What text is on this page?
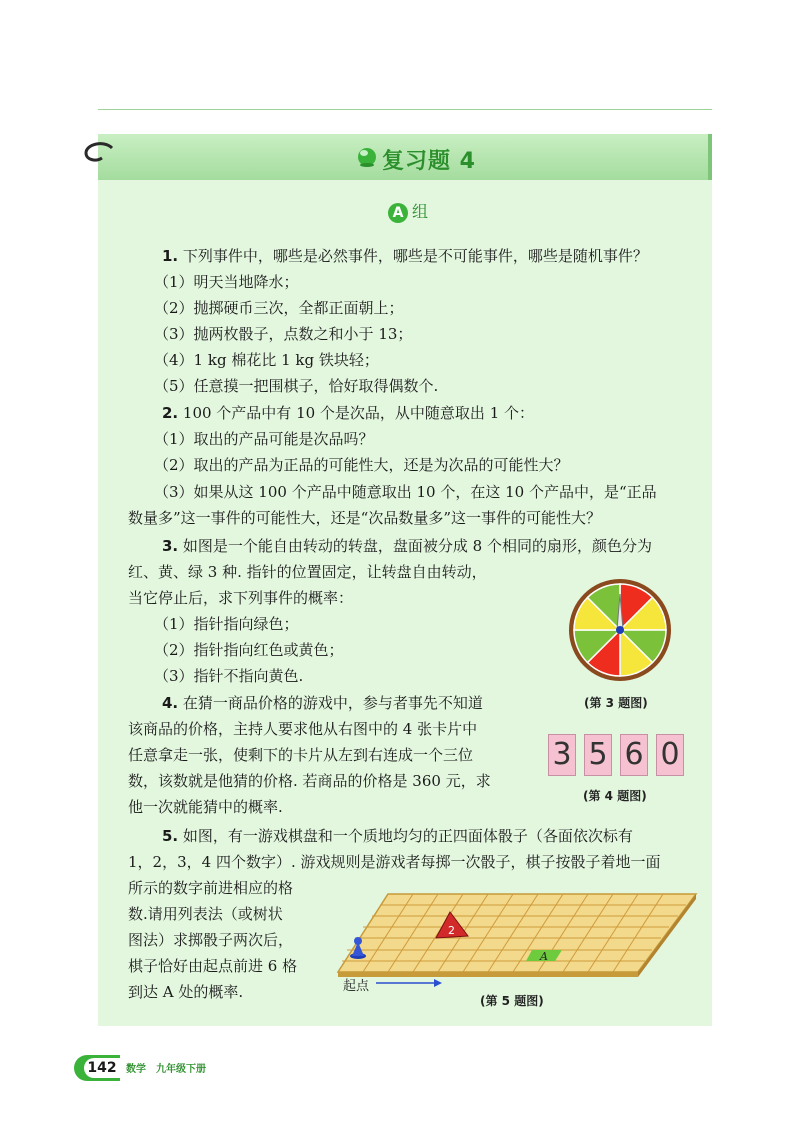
复习题 4
A 组
1. 下列事件中，哪些是必然事件，哪些是不可能事件，哪些是随机事件？
（1）明天当地降水；
（2）抛掷硬币三次，全都正面朝上；
（3）抛两枚骰子，点数之和小于 13；
（4）1 kg 棉花比 1 kg 铁块轻；
（5）任意摸一把围棋子，恰好取得偶数个.
2. 100 个产品中有 10 个是次品，从中随意取出 1 个：
（1）取出的产品可能是次品吗？
（2）取出的产品为正品的可能性大，还是为次品的可能性大？
（3）如果从这 100 个产品中随意取出 10 个，在这 10 个产品中，是“正品
数量多”这一事件的可能性大，还是“次品数量多”这一事件的可能性大？
3. 如图是一个能自由转动的转盘，盘面被分成 8 个相同的扇形，颜色分为
红、黄、绿 3 种. 指针的位置固定，让转盘自由转动，
当它停止后，求下列事件的概率：
（1）指针指向绿色；
（2）指针指向红色或黄色；
（3）指针不指向黄色.
4. 在猜一商品价格的游戏中，参与者事先不知道
该商品的价格，主持人要求他从右图中的 4 张卡片中
任意拿走一张，使剩下的卡片从左到右连成一个三位
数，该数就是他猜的价格. 若商品的价格是 360 元，求
他一次就能猜中的概率.
5. 如图，有一游戏棋盘和一个质地均匀的正四面体骰子（各面依次标有
1，2，3，4 四个数字）. 游戏规则是游戏者每掷一次骰子，棋子按骰子着地一面
所示的数字前进相应的格
数.请用列表法（或树状
图法）求掷骰子两次后，
棋子恰好由起点前进 6 格
到达 A 处的概率.
(第 3 题图)
3 5 6 0
(第 4 题图)
A
2
起点
(第 5 题图)
142 数学　九年级下册
